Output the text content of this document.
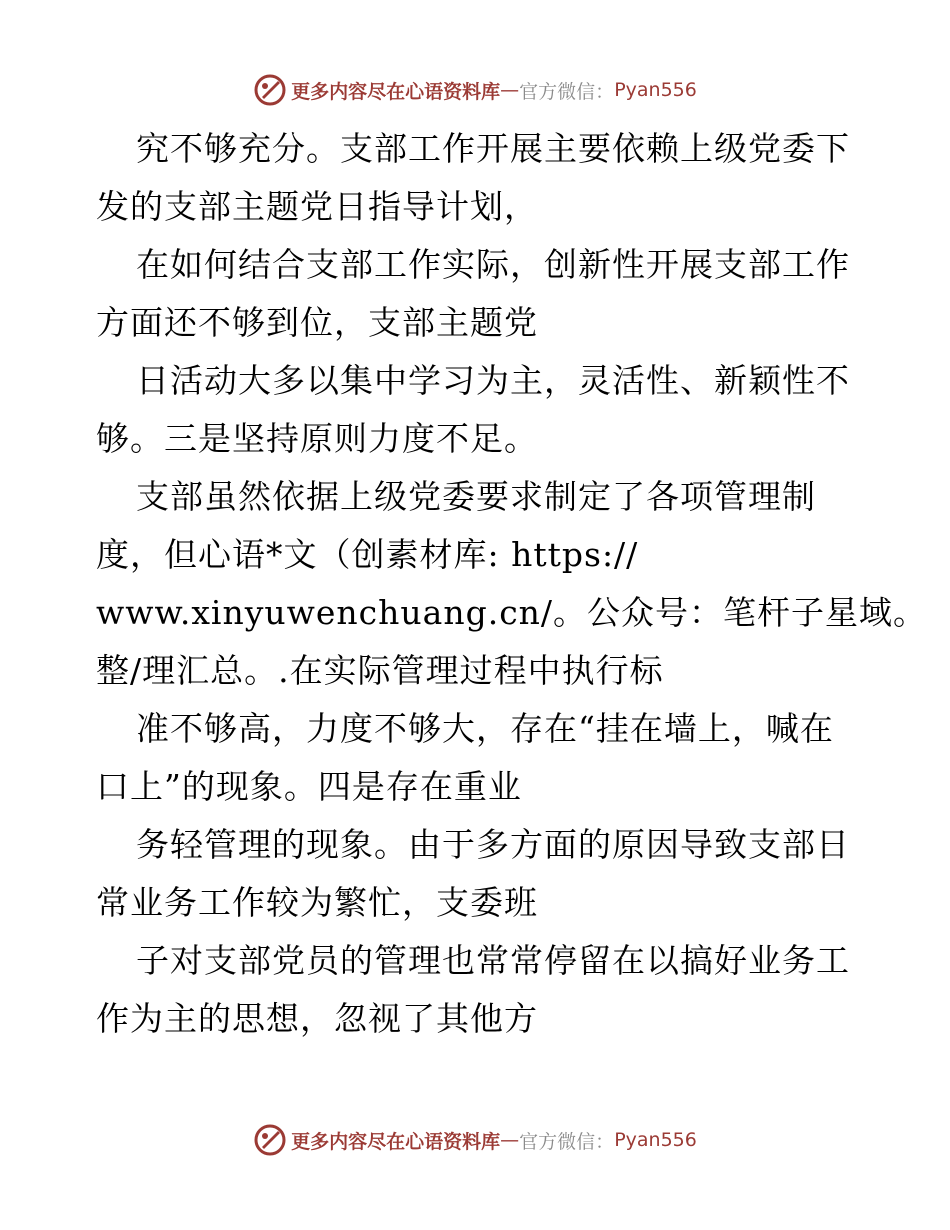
更多内容尽在心语资料库 — 官方微信： Pyan556
究不够充分。支部工作开展主要依赖上级党委下
发的支部主题党日指导计划，
在如何结合支部工作实际，创新性开展支部工作
方面还不够到位，支部主题党
日活动大多以集中学习为主，灵活性、新颖性不
够。三是坚持原则力度不足。
支部虽然依据上级党委要求制定了各项管理制
度，但心语*文（创素材库: https://
www.xinyuwenchuang.cn/。公众号：笔杆子星域。
整/理汇总。.在实际管理过程中执行标
准不够高，力度不够大，存在“挂在墙上，喊在
口上”的现象。四是存在重业
务轻管理的现象。由于多方面的原因导致支部日
常业务工作较为繁忙，支委班
子对支部党员的管理也常常停留在以搞好业务工
作为主的思想，忽视了其他方
更多内容尽在心语资料库 — 官方微信： Pyan556
